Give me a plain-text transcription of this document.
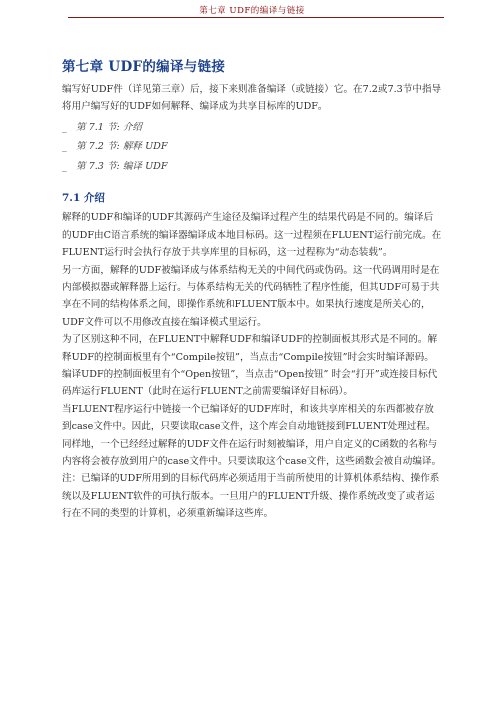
第七章 UDF的编译与链接
第七章 UDF的编译与链接

编写好UDF件（详见第三章）后，接下来则准备编译（或链接）它。在7.2或7.3节中指导将用户编写好的UDF如何解释、编译成为共享目标库的UDF。

_ 第 7.1 节: 介绍
_ 第 7.2 节: 解释 UDF
_ 第 7.3 节: 编译 UDF
7.1 介绍

解释的UDF和编译的UDF其源码产生途径及编译过程产生的结果代码是不同的。编译后的UDF由C语言系统的编译器编译成本地目标码。这一过程须在FLUENT运行前完成。在FLUENT运行时会执行存放于共享库里的目标码，这一过程称为“动态装载”。

另一方面，解释的UDF被编译成与体系结构无关的中间代码或伪码。这一代码调用时是在内部模拟器或解释器上运行。与体系结构无关的代码牺牲了程序性能，但其UDF可易于共享在不同的结构体系之间，即操作系统和FLUENT版本中。如果执行速度是所关心的，UDF文件可以不用修改直接在编译模式里运行。

为了区别这种不同，在FLUENT中解释UDF和编译UDF的控制面板其形式是不同的。解释UDF的控制面板里有个“Compile按钮”，当点击“Compile按钮”时会实时编译源码。编译UDF的控制面板里有个“Open按钮”，当点击“Open按钮” 时会“打开”或连接目标代码库运行FLUENT（此时在运行FLUENT之前需要编译好目标码）。

当FLUENT程序运行中链接一个已编译好的UDF库时，和该共享库相关的东西都被存放到case文件中。因此，只要读取case文件，这个库会自动地链接到FLUENT处理过程。同样地，一个已经经过解释的UDF文件在运行时刻被编译，用户自定义的C函数的名称与内容将会被存放到用户的case文件中。只要读取这个case文件，这些函数会被自动编译。

注：已编译的UDF所用到的目标代码库必须适用于当前所使用的计算机体系结构、操作系统以及FLUENT软件的可执行版本。一旦用户的FLUENT升级、操作系统改变了或者运行在不同的类型的计算机，必须重新编译这些库。
